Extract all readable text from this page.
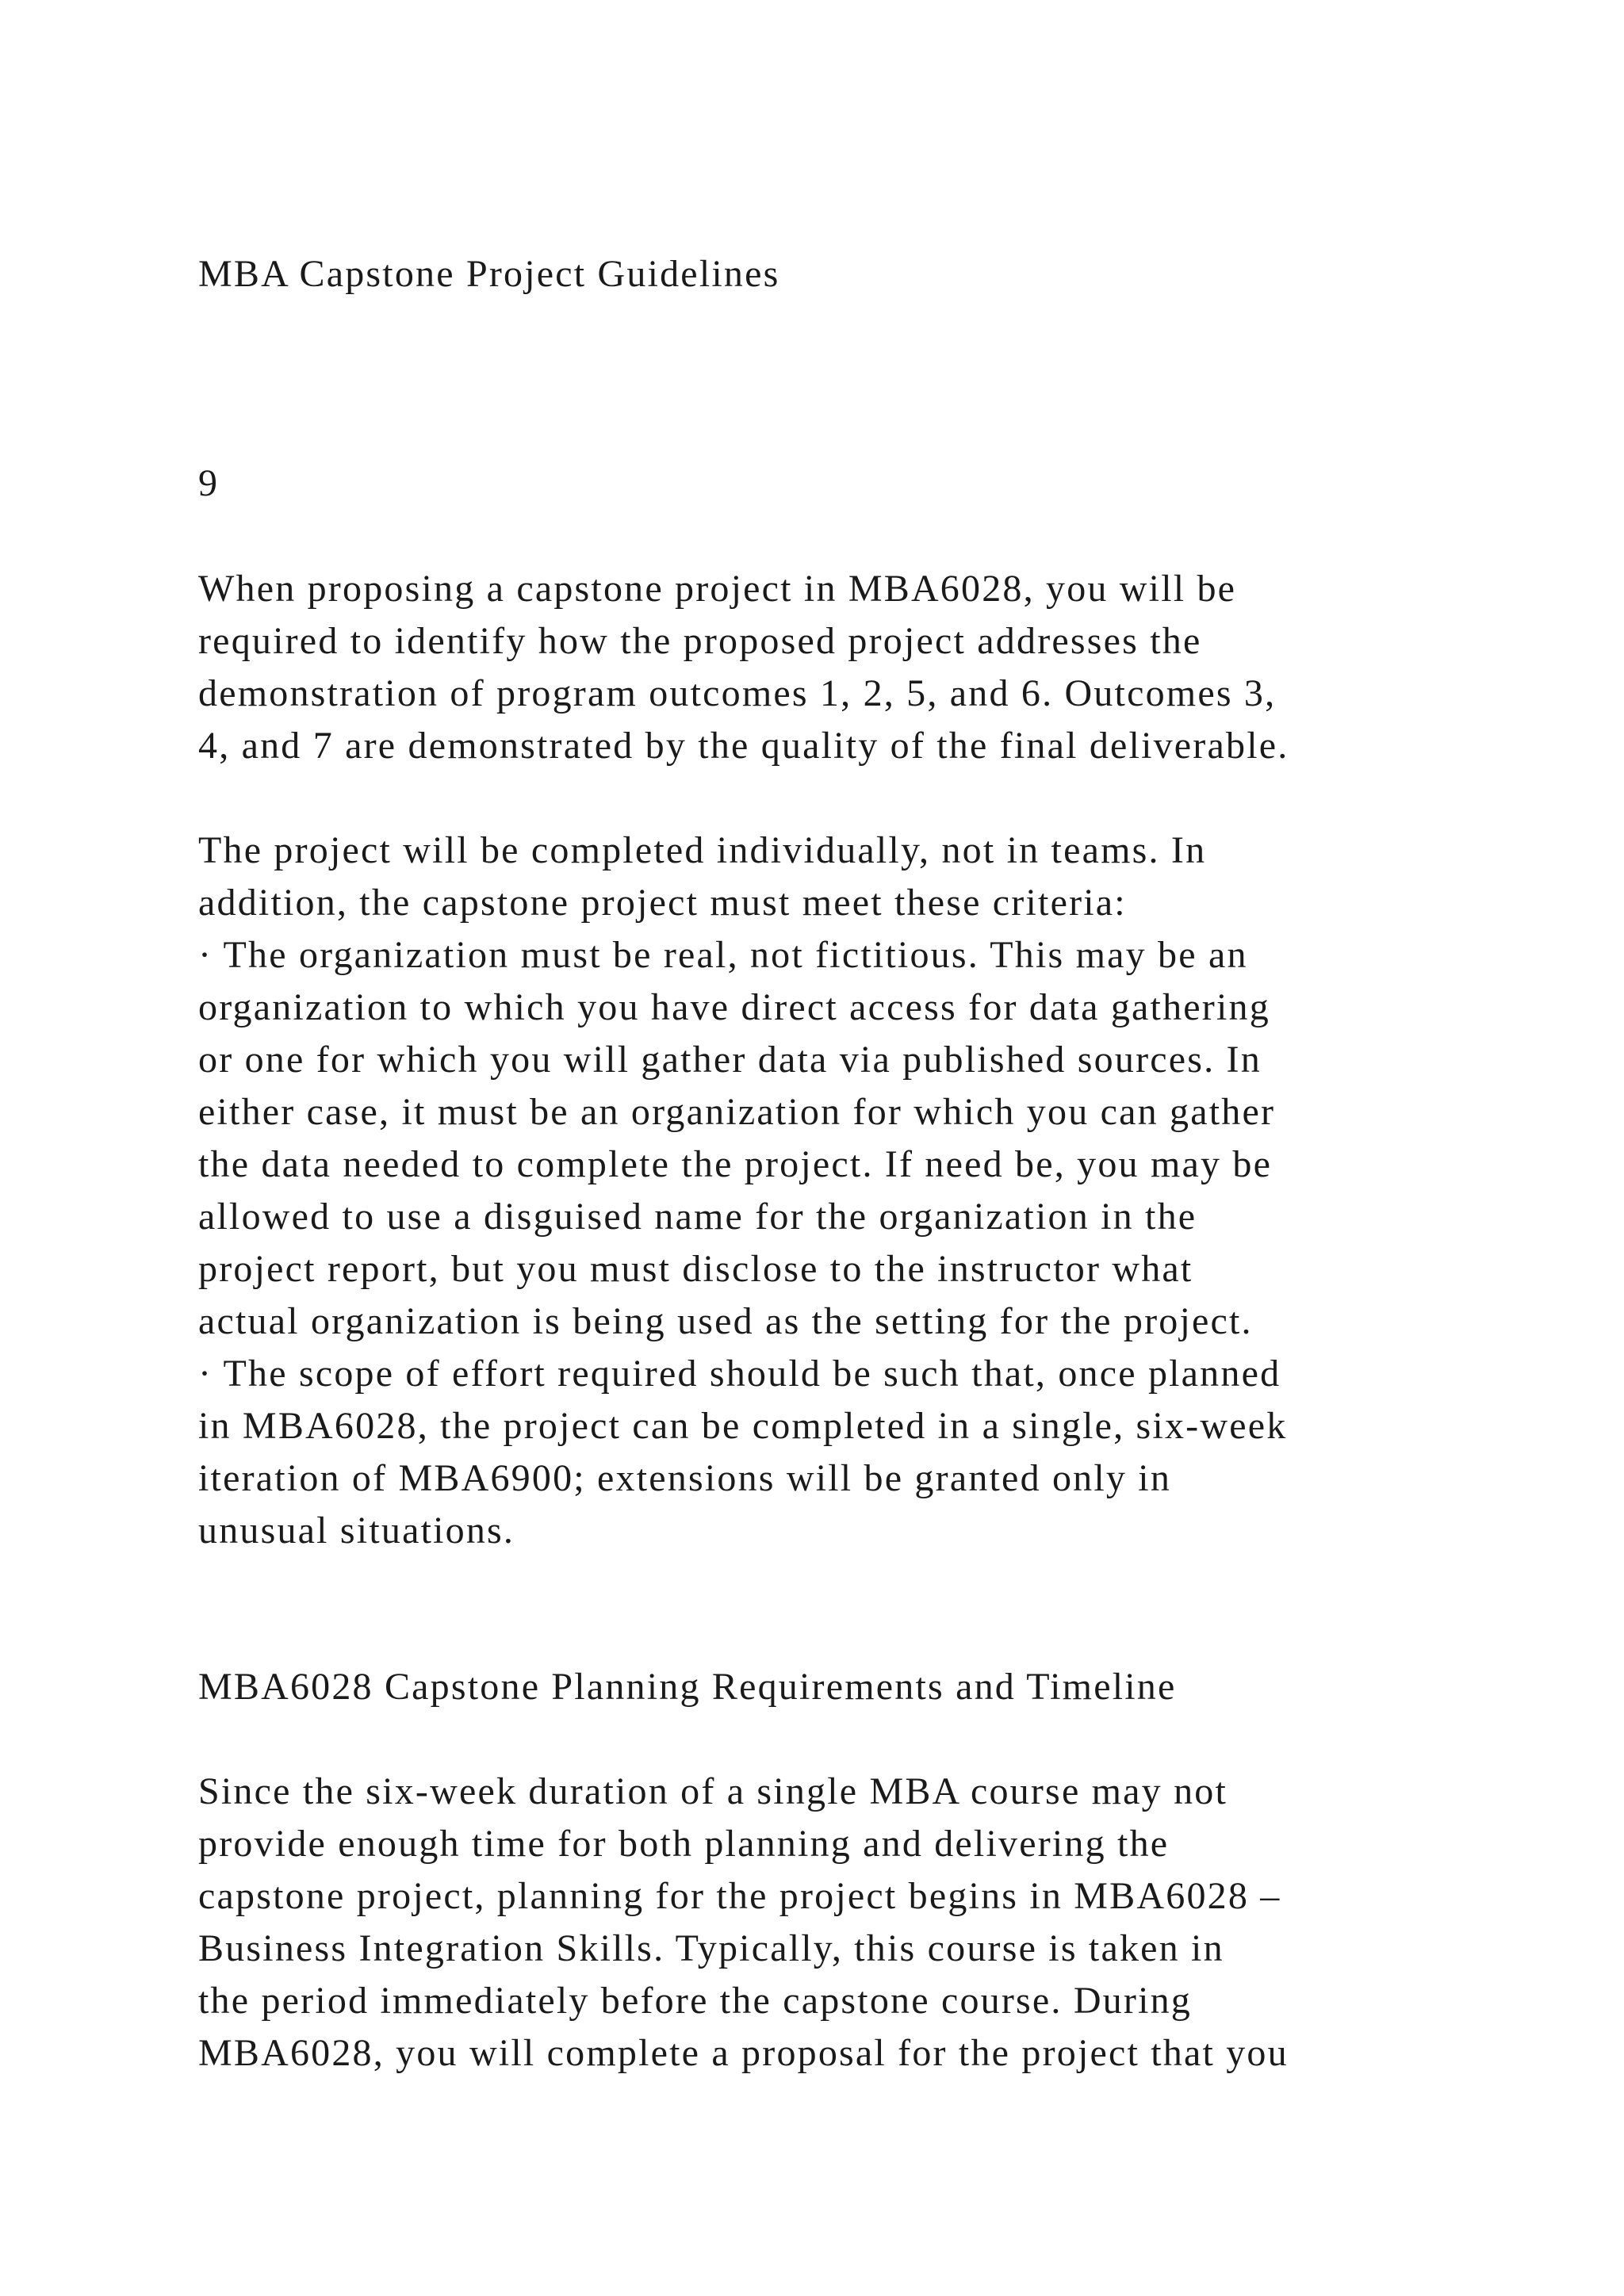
MBA Capstone Project Guidelines
9
When proposing a capstone project in MBA6028, you will be
required to identify how the proposed project addresses the
demonstration of program outcomes 1, 2, 5, and 6. Outcomes 3,
4, and 7 are demonstrated by the quality of the final deliverable.
The project will be completed individually, not in teams. In
addition, the capstone project must meet these criteria:
· The organization must be real, not fictitious. This may be an
organization to which you have direct access for data gathering
or one for which you will gather data via published sources. In
either case, it must be an organization for which you can gather
the data needed to complete the project. If need be, you may be
allowed to use a disguised name for the organization in the
project report, but you must disclose to the instructor what
actual organization is being used as the setting for the project.
· The scope of effort required should be such that, once planned
in MBA6028, the project can be completed in a single, six-week
iteration of MBA6900; extensions will be granted only in
unusual situations.
MBA6028 Capstone Planning Requirements and Timeline
Since the six-week duration of a single MBA course may not
provide enough time for both planning and delivering the
capstone project, planning for the project begins in MBA6028 –
Business Integration Skills. Typically, this course is taken in
the period immediately before the capstone course. During
MBA6028, you will complete a proposal for the project that you
